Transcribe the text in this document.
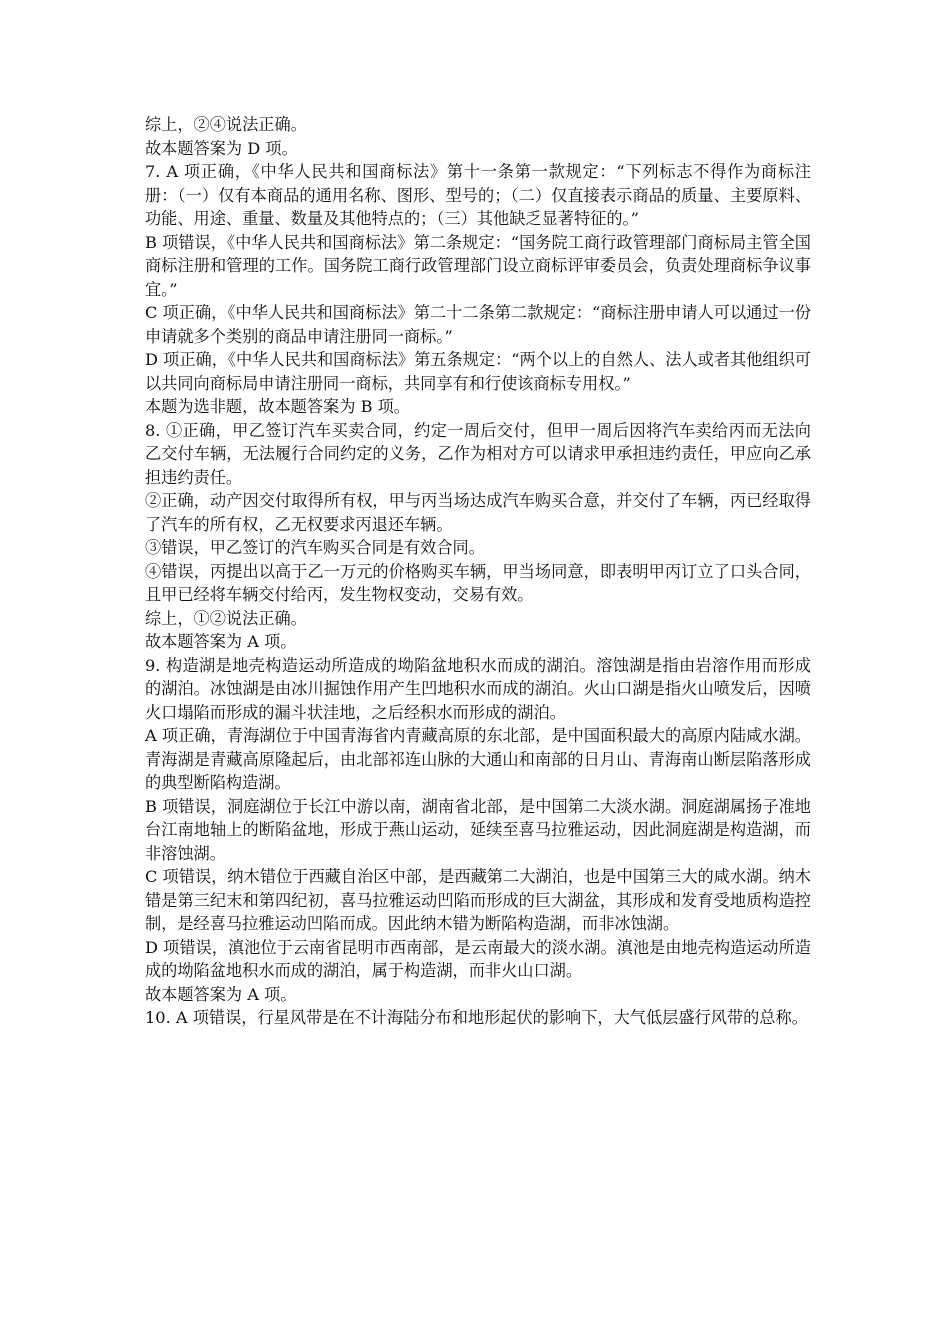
综上，②④说法正确。

故本题答案为 D 项。

7. A 项正确，《中华人民共和国商标法》第十一条第一款规定：“下列标志不得作为商标注册：（一）仅有本商品的通用名称、图形、型号的；（二）仅直接表示商品的质量、主要原料、功能、用途、重量、数量及其他特点的；（三）其他缺乏显著特征的。”

B 项错误，《中华人民共和国商标法》第二条规定：“国务院工商行政管理部门商标局主管全国商标注册和管理的工作。国务院工商行政管理部门设立商标评审委员会，负责处理商标争议事宜。”

C 项正确，《中华人民共和国商标法》第二十二条第二款规定：“商标注册申请人可以通过一份申请就多个类别的商品申请注册同一商标。”

D 项正确，《中华人民共和国商标法》第五条规定：“两个以上的自然人、法人或者其他组织可以共同向商标局申请注册同一商标，共同享有和行使该商标专用权。”

本题为选非题，故本题答案为 B 项。

8. ①正确，甲乙签订汽车买卖合同，约定一周后交付，但甲一周后因将汽车卖给丙而无法向乙交付车辆，无法履行合同约定的义务，乙作为相对方可以请求甲承担违约责任，甲应向乙承担违约责任。

②正确，动产因交付取得所有权，甲与丙当场达成汽车购买合意，并交付了车辆，丙已经取得了汽车的所有权，乙无权要求丙退还车辆。

③错误，甲乙签订的汽车购买合同是有效合同。

④错误，丙提出以高于乙一万元的价格购买车辆，甲当场同意，即表明甲丙订立了口头合同，且甲已经将车辆交付给丙，发生物权变动，交易有效。

综上，①②说法正确。

故本题答案为 A 项。

9. 构造湖是地壳构造运动所造成的坳陷盆地积水而成的湖泊。溶蚀湖是指由岩溶作用而形成的湖泊。冰蚀湖是由冰川掘蚀作用产生凹地积水而成的湖泊。火山口湖是指火山喷发后，因喷火口塌陷而形成的漏斗状洼地，之后经积水而形成的湖泊。

A 项正确，青海湖位于中国青海省内青藏高原的东北部，是中国面积最大的高原内陆咸水湖。青海湖是青藏高原隆起后，由北部祁连山脉的大通山和南部的日月山、青海南山断层陷落形成的典型断陷构造湖。

B 项错误，洞庭湖位于长江中游以南，湖南省北部，是中国第二大淡水湖。洞庭湖属扬子准地台江南地轴上的断陷盆地，形成于燕山运动，延续至喜马拉雅运动，因此洞庭湖是构造湖，而非溶蚀湖。

C 项错误，纳木错位于西藏自治区中部，是西藏第二大湖泊，也是中国第三大的咸水湖。纳木错是第三纪末和第四纪初，喜马拉雅运动凹陷而形成的巨大湖盆，其形成和发育受地质构造控制，是经喜马拉雅运动凹陷而成。因此纳木错为断陷构造湖，而非冰蚀湖。

D 项错误，滇池位于云南省昆明市西南部，是云南最大的淡水湖。滇池是由地壳构造运动所造成的坳陷盆地积水而成的湖泊，属于构造湖，而非火山口湖。

故本题答案为 A 项。

10. A 项错误，行星风带是在不计海陆分布和地形起伏的影响下，大气低层盛行风带的总称。
